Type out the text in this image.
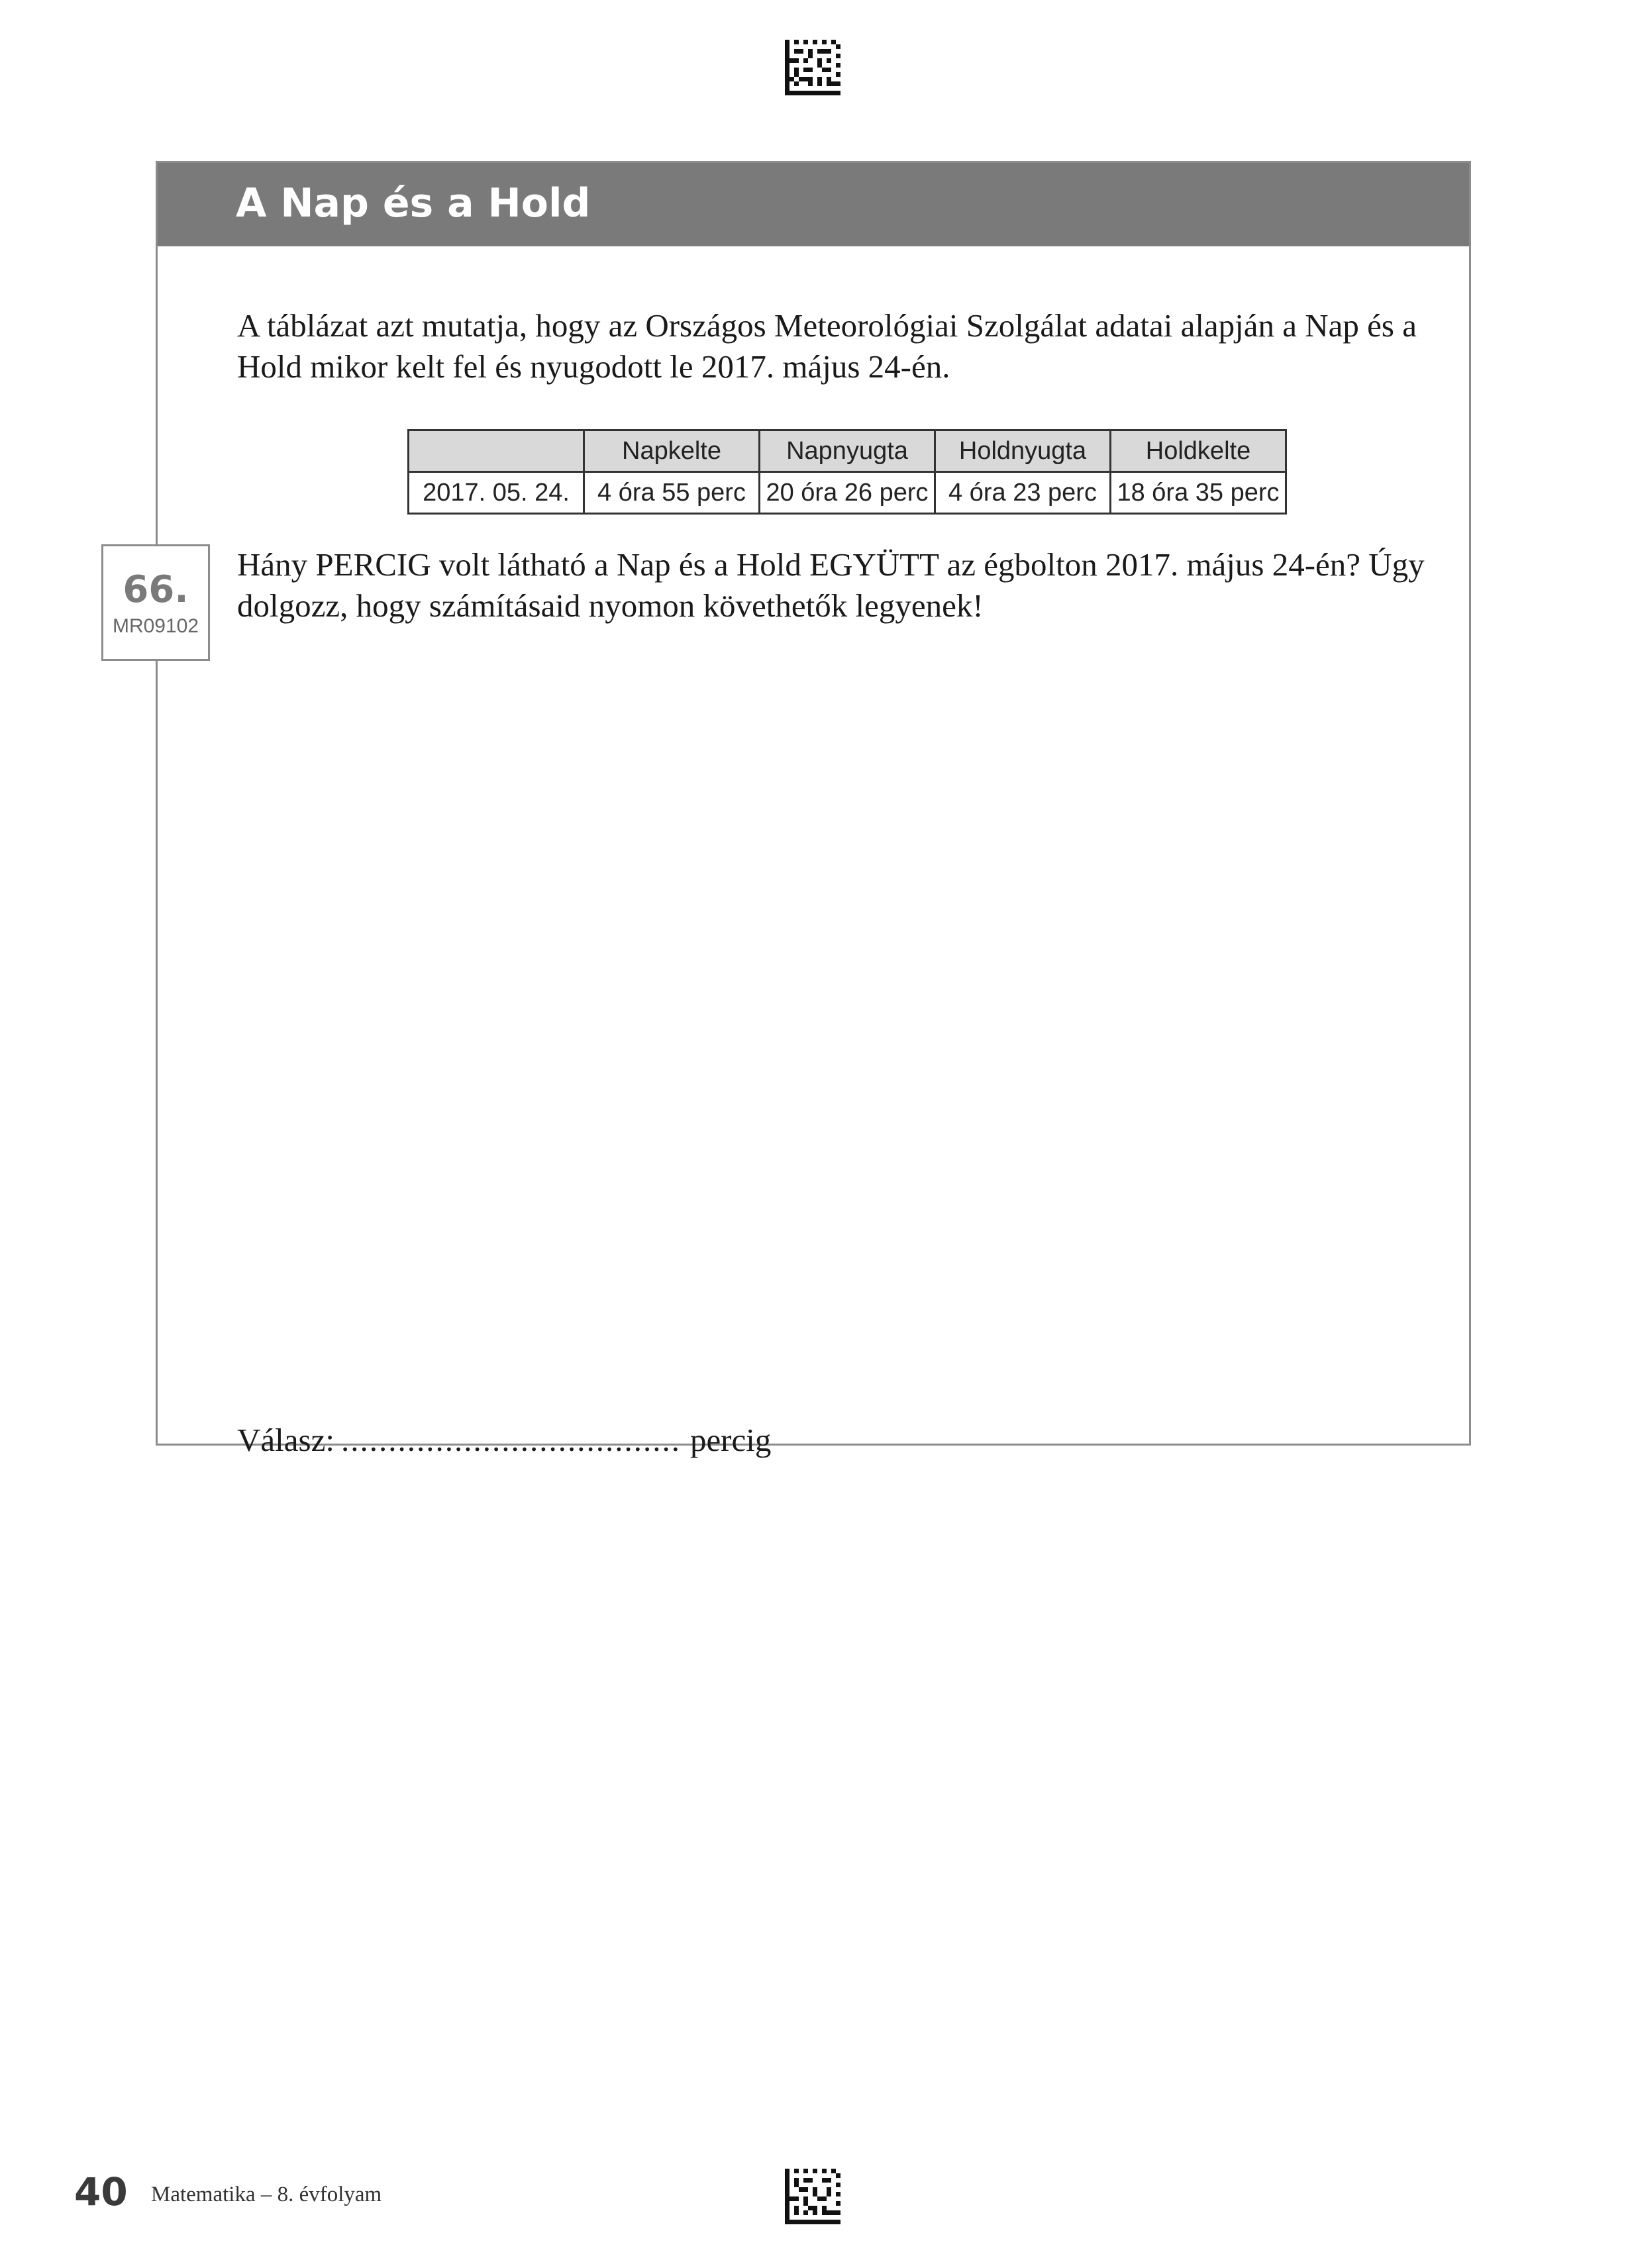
A Nap és a Hold

A táblázat azt mutatja, hogy az Országos Meteorológiai Szolgálat adatai alapján a Nap és a Hold mikor kelt fel és nyugodott le 2017. május 24-én.

	Napkelte	Napnyugta	Holdnyugta	Holdkelte
2017. 05. 24.	4 óra 55 perc	20 óra 26 perc	4 óra 23 perc	18 óra 35 perc

Hány PERCIG volt látható a Nap és a Hold EGYÜTT az égbolton 2017. május 24-én? Úgy dolgozz, hogy számításaid nyomon követhetők legyenek!

Válasz: .................................... percig
66.
MR09102
40 Matematika – 8. évfolyam
